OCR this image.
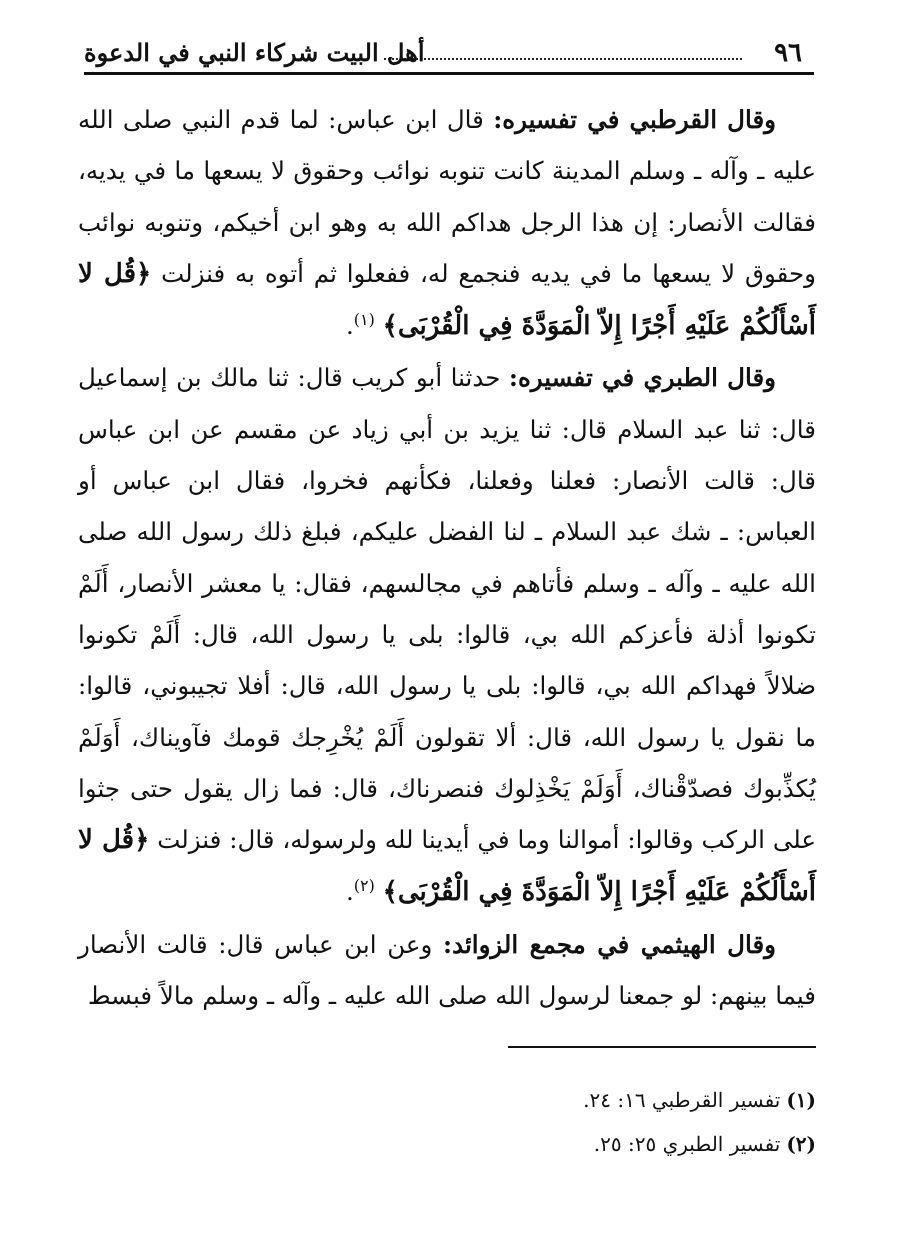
٩٦
أهل البيت شركاء النبي في الدعوة

وقال القرطبي في تفسيره: قال ابن عباس: لما قدم النبي صلى الله عليه ـ وآله ـ وسلم المدينة كانت تنوبه نوائب وحقوق لا يسعها ما في يديه، فقالت الأنصار: إن هذا الرجل هداكم الله به وهو ابن أخيكم، وتنوبه نوائب وحقوق لا يسعها ما في يديه فنجمع له، ففعلوا ثم أتوه به فنزلت ﴿قُل لا أَسْأَلُكُمْ عَلَيْهِ أَجْرًا إِلاّ الْمَوَدَّةَ فِي الْقُرْبَى﴾ $^{(١)}$.

وقال الطبري في تفسيره: حدثنا أبو كريب قال: ثنا مالك بن إسماعيل قال: ثنا عبد السلام قال: ثنا يزيد بن أبي زياد عن مقسم عن ابن عباس قال: قالت الأنصار: فعلنا وفعلنا، فكأنهم فخروا، فقال ابن عباس أو العباس: ـ شك عبد السلام ـ لنا الفضل عليكم، فبلغ ذلك رسول الله صلى الله عليه ـ وآله ـ وسلم فأتاهم في مجالسهم، فقال: يا معشر الأنصار، أَلَمْ تكونوا أذلة فأعزكم الله بي، قالوا: بلى يا رسول الله، قال: أَلَمْ تكونوا ضلالاً فهداكم الله بي، قالوا: بلى يا رسول الله، قال: أفلا تجيبوني، قالوا: ما نقول يا رسول الله، قال: ألا تقولون أَلَمْ يُخْرِجك قومك فآويناك، أَوَلَمْ يُكذِّبوك فصدّقْناك، أَوَلَمْ يَخْذِلوك فنصرناك، قال: فما زال يقول حتى جثوا على الركب وقالوا: أموالنا وما في أيدينا لله ولرسوله، قال: فنزلت ﴿قُل لا أَسْأَلُكُمْ عَلَيْهِ أَجْرًا إِلاّ الْمَوَدَّةَ فِي الْقُرْبَى﴾ $^{(٢)}$.

وقال الهيثمي في مجمع الزوائد: وعن ابن عباس قال: قالت الأنصار فيما بينهم: لو جمعنا لرسول الله صلى الله عليه ـ وآله ـ وسلم مالاً فبسط

(١)تفسير القرطبي ١٦: ٢٤.
(٢)تفسير الطبري ٢٥: ٢٥.
